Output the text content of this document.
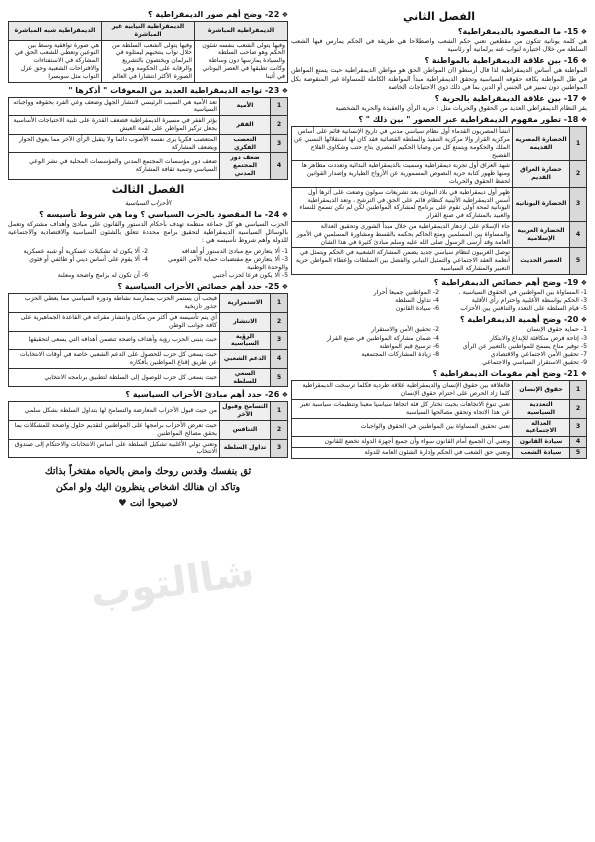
الفصل الثاني
❖ 15- ما المقصود بالديمقراطية؟
هي كلمة يونانية تتكون من مقطعين تعني حكم الشعب واصطلاحا هي طريقة في الحكم يمارس فيها الشعب السلطة من خلال اختياره لنواب عنه برلمانية أو رئاسية
❖ 16- بين علاقة الديمقراطية بالمواطنة ؟
المواطنة هي أساس الديمقراطية لذا قال أرسطو (ان المواطن الحق هو مواطن الديمقراطية حيث يتمتع المواطن في ظل المواطنة بكافة حقوقه السياسية وتحقق الديمقراطية مبدأ المواطنة الكاملة للمساواة غير المنقوصة بكل المواطنين دون تمييز في الجنس أو الدين بما في ذلك ذوي الاحتياجات الخاصة
❖ 17- بين علاقة الديمقراطية بالحرية ؟
يقر النظام الديمقراطي العديد من الحقوق والحريات مثل : حرية الرأي والعقيدة والحرية الشخصية
❖ 18- تطور مفهوم الديمقراطية عبر العصور " بين ذلك " ؟
1	الحضارة المصرية القديمة	انشأ المصريون القدماء أول نظام سياسي مدني في تاريخ الإنسانية قائم على أساس مركزية القرار وإلا مركزية التنفيذ والسلطة القضائية فقد كان لها استقلالها النسبي عن الملك والحكومة ويتمتع كل من وصايا الحكيم المصري بتاح حتب وشكاوى الفلاح الفصيح
2	حضارة العراق القديم	شهد العراق أول تجربة ديمقراطية وسميت بالديمقراطية البدائية وتعددت مظاهر ها ومنها ظهور كتابة حرية النصوص المسمورية عن الأرواح الطيارية وإصدار القوانين لحفظ الحقوق والحريات
3	الحضارة اليونانية	ظهر أول ديمقراطية في بلاد اليونان بعد تشريعات سولون وضعت على أثرها أول أسس الديمقراطية الأثينية كنظام قائم على الحق في الترشح ، وتعد الديمقراطية اليونانية لمحة أولى تقوم على برنامج لمشاركة المواطنين لكن لم تكن تسمح للنساء والعبيد بالمشاركة في صنع القرار
4	الحضارة العربية الإسلامية	جاء الإسلام على ازدهار الديمقراطية من خلال مبدأ الشورى وتحقيق العدالة والمساواة بين المسلمين ومنع الحاكم بحكمه بالقسط ومشاورة المسلمين في الأمور العامة وقد أرسى الرسول صلى الله عليه وسلم مبادئ كثيرة في هذا الشأن
5	العصر الحديث	توصل الغربيون لنظام سياسي جديد يضمن المشاركة الشعبية في الحكم ويتمثل في أنظمة العقد الاجتماعي والتمثيل النيابي والفصل بين السلطات وإعطاء المواطن حرية التعبير والمشاركة السياسية
❖ 19- وضح أهم خصائص الديمقراطية ؟
1- المساواة بين المواطنين في الحقوق السياسية .
2- المواطنين جميعا أحرار
3- الحكم بواسطة الأغلبية واحترام رأي الأقلية
4- تداول السلطة
5- قيام السلطة على التعدد والتنافس بين الأحزاب
6- سيادة القانون
❖ 20- وضح أهمية الديمقراطية ؟
1- حماية حقوق الإنسان
2- تحقيق الأمن والاستقرار
3- إتاحة فرص متكافئة للإبداع والابتكار
4- ضمان مشاركة المواطنين في صنع القرار
5- توفير مناخ يسمح للمواطنين بالتعبير عن الرأي
6- ترسيخ قيم المواطنة
7- تحقيق الأمن الاجتماعي والاقتصادي
8- زيادة المشاركات المجتمعية
9- تحقيق الاستقرار السياسي والاجتماعي
❖ 21- وضح أهم مقومات الديمقراطية ؟
1	حقوق الإنسان	فالعلاقة بين حقوق الإنسان والديمقراطية علاقة طردية فكلما ترسخت الديمقراطية كلما زاد الحرص على احترام حقوق الإنسان
2	التعددية السياسية	تعني تنوع الاتجاهات بحيث تختار كل فئة اتجاها سياسيا معينا وتنظيمات سياسية تعبر عن هذا الاتجاه وتحقق مصالحها السياسية
3	العدالة الاجتماعية	تعني تحقيق المساواة بين المواطنين في الحقوق والواجبات
4	سيادة القانون	وتعني أن الجميع أمام القانون سواء وأن جميع أجهزة الدولة تخضع للقانون
5	سيادة الشعب	وتعني حق الشعب في الحكم وإدارة الشئون العامة للدولة
❖ 22- وضح أهم صور الديمقراطية ؟
الديمقراطية المباشرة	الديمقراطية النيابية غير المباشرة	الديمقراطية شبه المباشرة
وفيها يتولى الشعب بنفسه شئون الحكم وهو صاحب السلطة والسيادة يمارسها دون وساطة وكانت تطبقها في العصر اليوناني في أثينا	وفيها يتولى الشعب السلطة من خلال نواب ينتخبهم ليمثلوه في البرلمان ويختصون بالتشريع والرقابة على الحكومة وهي الصورة الأكثر انتشارا في العالم	هي صورة توافقية وسط بين النوعين وتعطي للشعب الحق في المشاركة في الاستفتاءات والاقتراحات الشعبية وحق عزل النواب مثل سويسرا
❖ 23- تواجه الديمقراطية العديد من المعوقات " أذكرها "
1	الأمية	تعد الأمية هي السبب الرئيسي لانتشار الجهل وضعف وعي الفرد بحقوقه وواجباته السياسية
2	الفقر	يؤثر الفقر في مسيرة الديمقراطية فضعف القدرة على تلبية الاحتياجات الأساسية يجعل تركيز المواطن على لقمة العيش
3	التعصب الفكري	المتعصب فكريا يرى نفسه الأصوب دائما ولا يتقبل الرأي الآخر مما يعوق الحوار ويضعف المشاركة
4	ضعف دور المجتمع المدني	ضعف دور مؤسسات المجتمع المدني والمؤسسات المحلية في نشر الوعي السياسي وتنمية ثقافة المشاركة
الفصل الثالث
الأحزاب السياسية
❖ 24- ما المقصود بالحزب السياسي ؟ وما هي شروط تأسيسه ؟
الحزب السياسي هو كل جماعة منظمة تهدف بأحكام الدستور والقانون على مبادئ وأهداف مشتركة وتعمل بالوسائل السياسية الديمقراطية لتحقيق برامج محددة تتعلق بالشئون السياسية والاقتصادية والاجتماعية للدولة وأهم شروط تأسيسه هي :
1- ألا يتعارض مع مبادئ الدستور أو أهدافه
2- ألا يكون له تشكيلات عسكرية أو شبه عسكرية
3- ألا يتعارض مع مقتضيات حماية الأمن القومي والوحدة الوطنية
4- ألا يقوم على أساس ديني أو طائفي أو فئوي
5- ألا يكون فرعا لحزب أجنبي
6- أن تكون له برامج واضحة ومعلنة
❖ 25- حدد أهم خصائص الأحزاب السياسية ؟
1	الاستمرارية	فيجب أن يستمر الحزب بممارسة نشاطه ودوره السياسي مما يعطي الحزب جذور تاريخية
2	الانتشار	أي يتم تأسيسه في أكثر من مكان وانتشار مقراته في القاعدة الجماهيرية على كافة جوانب الوطن
3	الرؤية السياسية	حيث يتبنى الحزب رؤية وأهداف واضحة تتضمن أهدافه التي يسعى لتحقيقها
4	الدعم الشعبي	حيث يسعى كل حزب للحصول على الدعم الشعبي خاصة في أوقات الانتخابات عن طريق إقناع المواطنين بأفكاره
5	السعي للسلطة	حيث يسعى كل حزب للوصول إلى السلطة لتطبيق برنامجه الانتخابي
❖ 26- حدد أهم مبادئ الأحزاب السياسية ؟
1	التسامح وقبول الآخر	من حيث قبول الأحزاب المعارضة والتسامح لها بتداول السلطة بشكل سلمي
2	التنافس	حيث تعرض الأحزاب برامجها على المواطنين لتقديم حلول واضحة للمشكلات بما يحقق مصالح المواطنين
3	تداول السلطة	وتعني تولي الأغلبية تشكيل السلطة على أساس الانتخابات والاحتكام إلى صندوق الانتخاب
ثق بنفسك وقدس روحك وامض بالحياه مفتخراً بذاتك
وتاكد ان هنالك اشخاص ينظرون اليك ولو امكن
لاصبحوا انت ♥
شاالتوب
